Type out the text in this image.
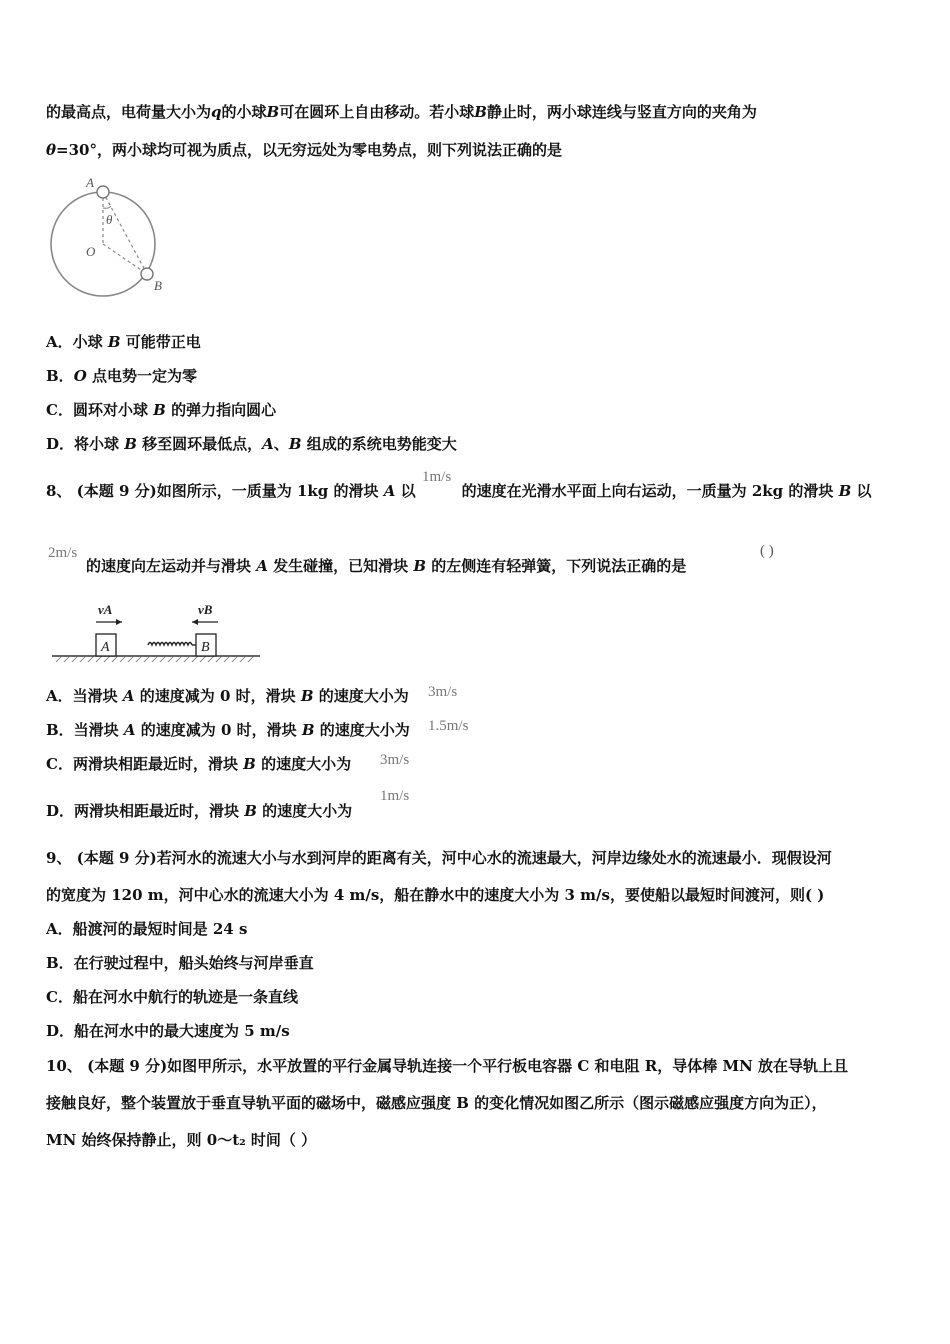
的最高点，电荷量大小为q的小球B可在圆环上自由移动。若小球B静止时，两小球连线与竖直方向的夹角为
θ=30°，两小球均可视为质点，以无穷远处为零电势点，则下列说法正确的是
A
O
B
θ
A．小球 B 可能带正电
B．O 点电势一定为零
C．圆环对小球 B 的弹力指向圆心
D．将小球 B 移至圆环最低点，A、B 组成的系统电势能变大
8、 (本题 9 分)如图所示，一质量为 1kg 的滑块 A 以	的速度在光滑水平面上向右运动，一质量为 2kg 的滑块 B 以
1m/s
2m/s
的速度向左运动并与滑块 A 发生碰撞，已知滑块 B 的左侧连有轻弹簧，下列说法正确的是
( )
A	B
vA	vB
A．当滑块 A 的速度减为 0 时，滑块 B 的速度大小为 3m/s
B．当滑块 A 的速度减为 0 时，滑块 B 的速度大小为 1.5m/s
C．两滑块相距最近时，滑块 B 的速度大小为 3m/s
D．两滑块相距最近时，滑块 B 的速度大小为
1m/s
9、 (本题 9 分)若河水的流速大小与水到河岸的距离有关，河中心水的流速最大，河岸边缘处水的流速最小．现假设河
的宽度为 120 m，河中心水的流速大小为 4 m/s，船在静水中的速度大小为 3 m/s，要使船以最短时间渡河，则( )
A．船渡河的最短时间是 24 s
B．在行驶过程中，船头始终与河岸垂直
C．船在河水中航行的轨迹是一条直线
D．船在河水中的最大速度为 5 m/s
10、 (本题 9 分)如图甲所示，水平放置的平行金属导轨连接一个平行板电容器 C 和电阻 R，导体棒 MN 放在导轨上且
接触良好，整个装置放于垂直导轨平面的磁场中，磁感应强度 B 的变化情况如图乙所示（图示磁感应强度方向为正），
MN 始终保持静止，则 0～t₂ 时间（ ）
